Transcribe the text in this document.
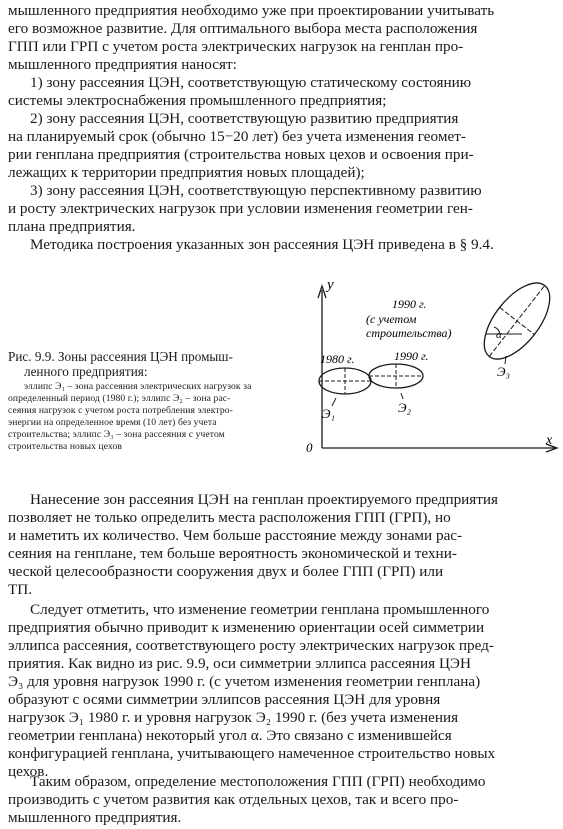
мышленного предприятия необходимо уже при проектировании учитывать
его возможное развитие. Для оптимального выбора места расположения
ГПП или ГРП с учетом роста электрических нагрузок на генплан про-
мышленного предприятия наносят:
1) зону рассеяния ЦЭН, соответствующую статическому состоянию
системы электроснабжения промышленного предприятия;
2) зону рассеяния ЦЭН, соответствующую развитию предприятия
на планируемый срок (обычно 15−20 лет) без учета изменения геомет-
рии генплана предприятия (строительства новых цехов и освоения при-
лежащих к территории предприятия новых площадей);
3) зону рассеяния ЦЭН, соответствующую перспективному развитию
и росту электрических нагрузок при условии изменения геометрии ген-
плана предприятия.
Методика построения указанных зон рассеяния ЦЭН приведена в § 9.4.
Рис. 9.9. Зоны рассеяния ЦЭН промыш-
ленного предприятия:
эллипс Э₁ – зона рассеяния электрических нагрузок за
определенный период (1980 г.); эллипс Э₂ – зона рас-
сеяния нагрузок с учетом роста потребления электро-
энергии на определенное время (10 лет) без учета
строительства; эллипс Э₃ – зона рассеяния с учетом
строительства новых цехов
y
x
0
1980 г.	1990 г.
1990 г.
(с учетом
строительства)
Э₁	Э₂
Э₃
α
Нанесение зон рассеяния ЦЭН на генплан проектируемого предприятия
позволяет не только определить места расположения ГПП (ГРП), но
и наметить их количество. Чем больше расстояние между зонами рас-
сеяния на генплане, тем больше вероятность экономической и техни-
ческой целесообразности сооружения двух и более ГПП (ГРП) или
ТП.
Следует отметить, что изменение геометрии генплана промышленного
предприятия обычно приводит к изменению ориентации осей симметрии
эллипса рассеяния, соответствующего росту электрических нагрузок пред-
приятия. Как видно из рис. 9.9, оси симметрии эллипса рассеяния ЦЭН
Э₃ для уровня нагрузок 1990 г. (с учетом изменения геометрии генплана)
образуют с осями симметрии эллипсов рассеяния ЦЭН для уровня
нагрузок Э₁ 1980 г. и уровня нагрузок Э₂ 1990 г. (без учета изменения
геометрии генплана) некоторый угол α. Это связано с изменившейся
конфигурацией генплана, учитывающего намеченное строительство новых
цехов.
Таким образом, определение местоположения ГПП (ГРП) необходимо
производить с учетом развития как отдельных цехов, так и всего про-
мышленного предприятия.
